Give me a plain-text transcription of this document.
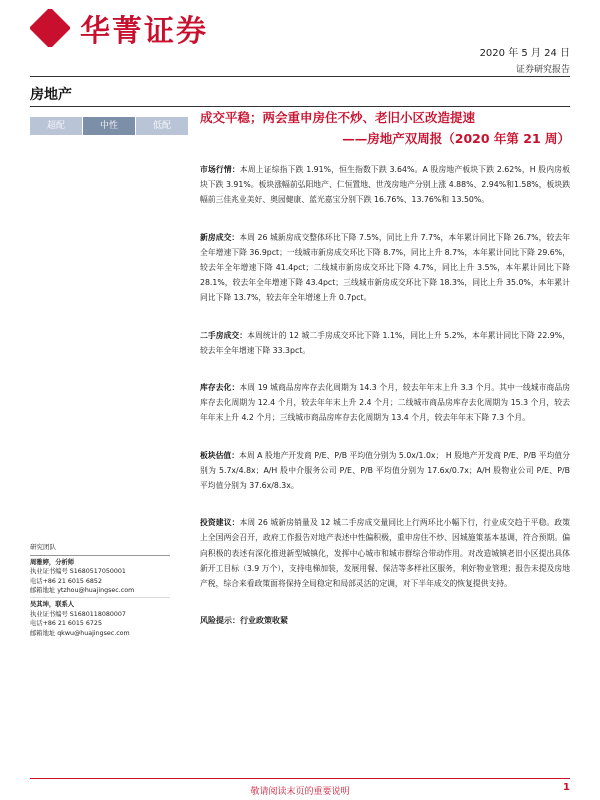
华菁证券
2020 年 5 月 24 日
证券研究报告
房地产
超配	中性	低配
成交平稳；两会重申房住不炒、老旧小区改造提速
——房地产双周报（2020 年第 21 周）

市场行情：本周上证综指下跌 1.91%，恒生指数下跌 3.64%。A 股房地产板块下跌 2.62%，H 股内房板块下跌 3.91%。板块涨幅前弘阳地产、仁恒置地、世茂房地产分别上涨 4.88%、2.94%和1.58%，板块跌幅前三佳兆业美好、奥园健康、蓝光嘉宝分别下跌 16.76%、13.76%和 13.50%。

新房成交：本周 26 城新房成交整体环比下降 7.5%，同比上升 7.7%，本年累计同比下降 26.7%，较去年全年增速下降 36.9pct；一线城市新房成交环比下降 8.7%，同比上升 8.7%，本年累计同比下降 29.6%，较去年全年增速下降 41.4pct；二线城市新房成交环比下降 4.7%，同比上升 3.5%，本年累计同比下降 28.1%，较去年全年增速下降 43.4pct；三线城市新房成交环比下降 18.3%，同比上升 35.0%，本年累计同比下降 13.7%，较去年全年增速上升 0.7pct。

二手房成交：本周统计的 12 城二手房成交环比下降 1.1%，同比上升 5.2%，本年累计同比下降 22.9%，较去年全年增速下降 33.3pct。

库存去化：本周 19 城商品房库存去化周期为 14.3 个月，较去年年末上升 3.3 个月。其中一线城市商品房库存去化周期为 12.4 个月，较去年年末上升 2.4 个月；二线城市商品房库存去化周期为 15.3 个月，较去年年末上升 4.2 个月；三线城市商品房库存去化周期为 13.4 个月，较去年年末下降 7.3 个月。

板块估值：本周 A 股地产开发商 P/E、P/B 平均值分别为 5.0x/1.0x； H 股地产开发商 P/E、P/B 平均值分别为 5.7x/4.8x；A/H 股中介服务公司 P/E、P/B 平均值分别为 17.6x/0.7x；A/H 股物业公司 P/E、P/B 平均值分别为 37.6x/8.3x。

投资建议：本周 26 城新房销量及 12 城二手房成交量同比上行两环比小幅下行，行业成交趋于平稳。政策上全国两会召开，政府工作报告对地产表述中性偏积极，重申房住不炒、因城施策基本基调，符合预期。偏向积极的表述有深化推进新型城镇化，发挥中心城市和城市群综合带动作用。对改造城镇老旧小区提出具体新开工目标（3.9 万个），支持电梯加装，发展用餐、保洁等多样社区服务，利好物业管理；报告未提及房地产税，综合来看政策面将保持全局稳定和局部灵活的定调，对下半年成交的恢复提供支持。

风险提示：行业政策收紧
研究团队
周雅婷，分析师
执业证书编号 S1680517050001
电话+86 21 6015 6852
邮箱地址 ytzhou@huajingsec.com
吴其坤，联系人
执业证书编号 S1680118080007
电话+86 21 6015 6725
邮箱地址 qkwu@huajingsec.com
敬请阅读末页的重要说明	1
